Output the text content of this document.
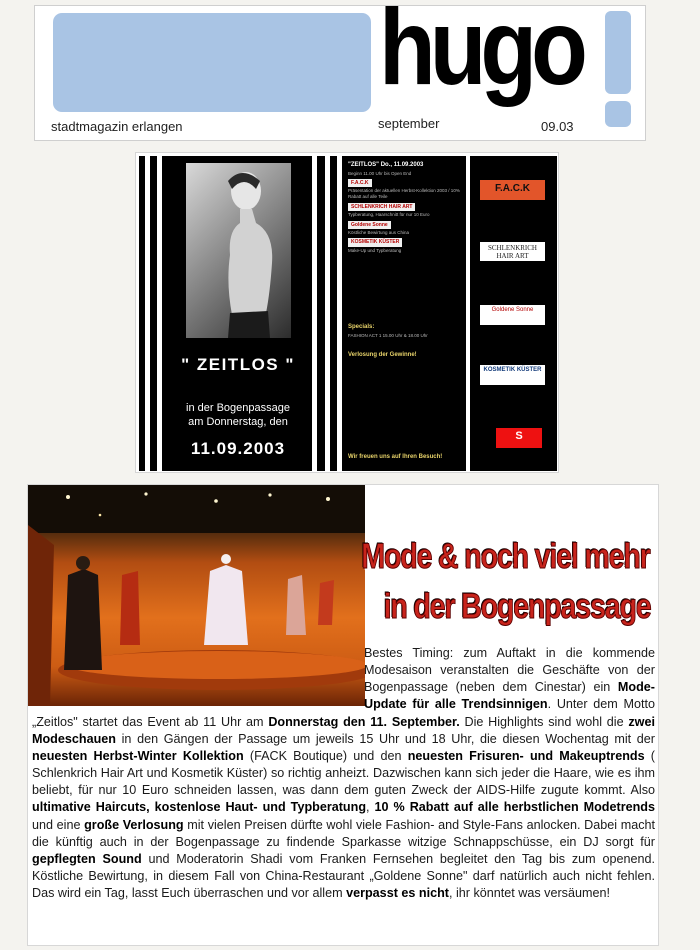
hugo
stadtmagazin erlangen	september	09.03
" ZEITLOS "
in der Bogenpassage
am Donnerstag, den
11.09.2003
"ZEITLOS" Do., 11.09.2003
Beginn 11.00 Uhr bis Open End
F.A.C.K
Präsentation der aktuellen Herbst-Kollektion 2003 / 10% Rabatt auf alle Teile
SCHLENKRICH HAIR ART
Typberatung, Haarschnitt für nur 10 Euro
Goldene Sonne
Köstliche Bewirtung aus China
KOSMETIK KÜSTER
Make-Up und Typberatung
Specials:
FASHION ACT 1 15.00 Uhr & 18.00 Uhr
Verlosung der Gewinne!
Wir freuen uns auf Ihren Besuch!
F.A.C.K
SCHLENKRICH HAIR ART
Goldene Sonne
KOSMETIK KÜSTER
S
Mode & noch viel mehr
in der Bogenpassage
Bestes Timing: zum Auftakt in die kommende Modesaison veranstalten die Geschäfte von der Bogenpassage (neben dem Cinestar) ein Mode-Update für alle Trendsinnigen. Unter dem Motto „Zeitlos" startet das Event ab 11 Uhr am Donnerstag den 11. September. Die Highlights sind wohl die zwei Modeschauen in den Gängen der Passage um jeweils 15 Uhr und 18 Uhr, die diesen Wochentag mit der neuesten Herbst-Winter Kollektion (FACK Boutique) und den neuesten Frisuren- und Makeuptrends ( Schlenkrich Hair Art und Kosmetik Küster) so richtig anheizt. Dazwischen kann sich jeder die Haare, wie es ihm beliebt, für nur 10 Euro schneiden lassen, was dann dem guten Zweck der AIDS-Hilfe zugute kommt. Also ultimative Haircuts, kostenlose Haut- und Typberatung, 10 % Rabatt auf alle herbstlichen Modetrends und eine große Verlosung mit vielen Preisen dürfte wohl viele Fashion- and Style-Fans anlocken. Dabei macht die künftig auch in der Bogenpassage zu findende Sparkasse witzige Schnappschüsse, ein DJ sorgt für gepflegten Sound und Moderatorin Shadi vom Franken Fernsehen begleitet den Tag bis zum openend. Köstliche Bewirtung, in diesem Fall von China-Restaurant „Goldene Sonne" darf natürlich auch nicht fehlen. Das wird ein Tag, lasst Euch überraschen und vor allem verpasst es nicht, ihr könntet was versäumen!
